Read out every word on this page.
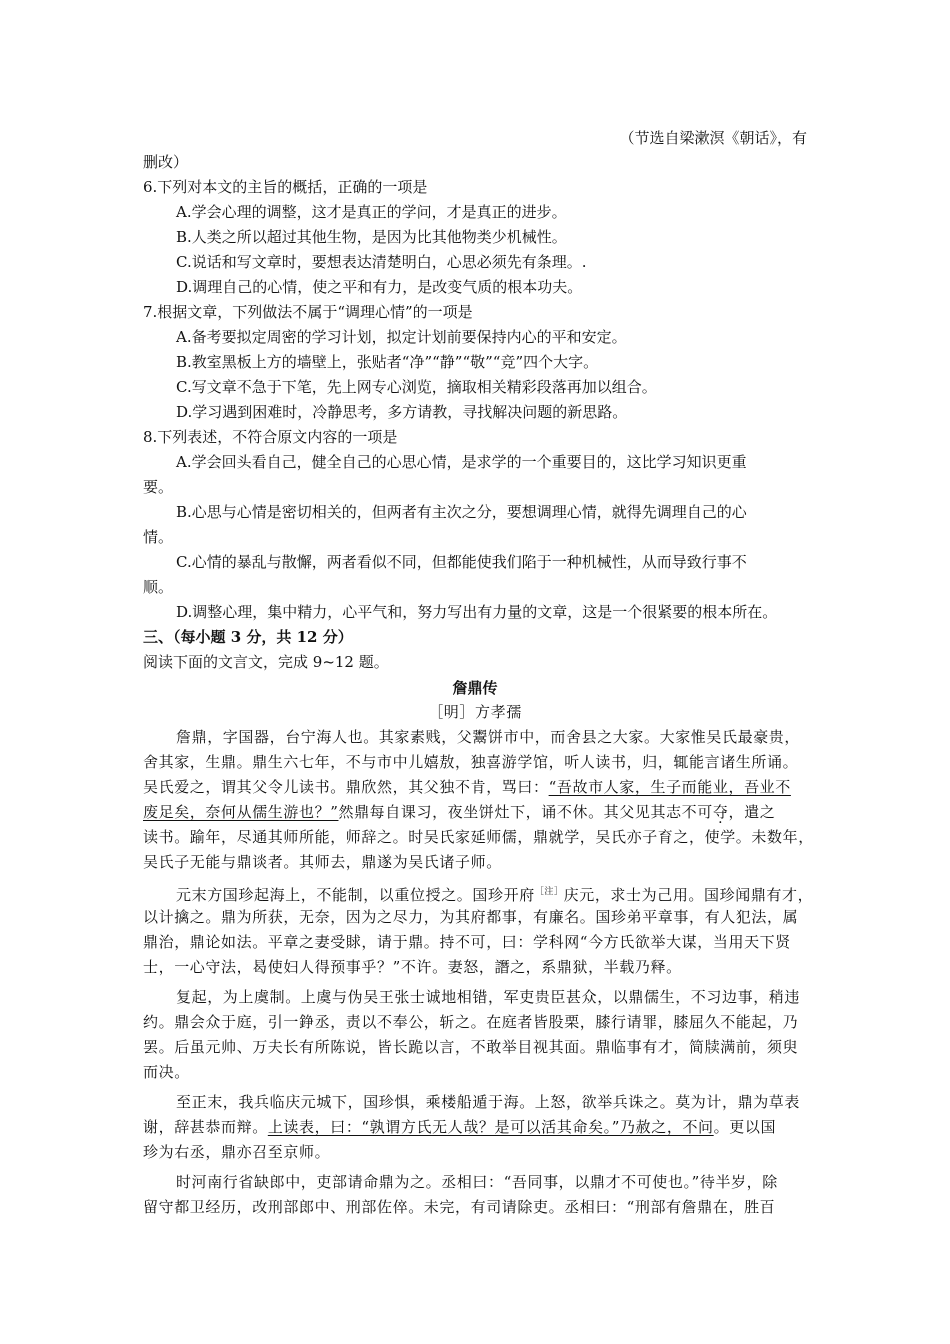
（节选自梁漱溟《朝话》，有
删改）
6.下列对本文的主旨的概括，正确的一项是
A.学会心理的调整，这才是真正的学问，才是真正的进步。
B.人类之所以超过其他生物，是因为比其他物类少机械性。
C.说话和写文章时，要想表达清楚明白，心思必须先有条理。.
D.调理自己的心情，使之平和有力，是改变气质的根本功夫。
7.根据文章，下列做法不属于“调理心情”的一项是
A.备考要拟定周密的学习计划，拟定计划前要保持内心的平和安定。
B.教室黑板上方的墙壁上，张贴者“净”“静”“敬”“竞”四个大字。
C.写文章不急于下笔，先上网专心浏览，摘取相关精彩段落再加以组合。
D.学习遇到困难时，冷静思考，多方请教，寻找解决问题的新思路。
8.下列表述，不符合原文内容的一项是
A.学会回头看自己，健全自己的心思心情，是求学的一个重要目的，这比学习知识更重
要。
B.心思与心情是密切相关的，但两者有主次之分，要想调理心情，就得先调理自己的心
情。
C.心情的暴乱与散懈，两者看似不同，但都能使我们陷于一种机械性，从而导致行事不
顺。
D.调整心理，集中精力，心平气和，努力写出有力量的文章，这是一个很紧要的根本所在。
三、（每小题 3 分，共 12 分）
阅读下面的文言文，完成 9~12 题。
詹鼎传
［明］方孝孺
詹鼎，字国器，台宁海人也。其家素贱，父鬻饼市中，而舍县之大家。大家惟吴氏最豪贵，
舍其家，生鼎。鼎生六七年，不与市中儿嬉敖，独喜游学馆，听人读书，归，辄能言诸生所诵。
吴氏爱之，谓其父令儿读书。鼎欣然，其父独不肯，骂曰：“吾故市人家，生子而能业，吾业不
废足矣，奈何从儒生游也？”然鼎每自课习，夜坐饼灶下，诵不休。其父见其志不可夺，遣之
读书。踰年，尽通其师所能，师辞之。时吴氏家延师儒，鼎就学，吴氏亦子育之，使学。未数年，
吴氏子无能与鼎谈者。其师去，鼎遂为吴氏诸子师。
元末方国珍起海上，不能制，以重位授之。国珍开府$^{[注]}$庆元，求士为己用。国珍闻鼎有才，
以计擒之。鼎为所获，无奈，因为之尽力，为其府都事，有廉名。国珍弟平章事，有人犯法，属
鼎治，鼎论如法。平章之妻受賕，请于鼎。持不可，曰：学科网“今方氏欲举大谋，当用天下贤
士，一心守法，曷使妇人得预事乎？”不许。妻怒，譖之，系鼎狱，半载乃释。
复起，为上虞制。上虞与伪吴王张士诚地相错，军吏贵臣甚众，以鼎儒生，不习边事，稍违
约。鼎会众于庭，引一錚丞，责以不奉公，斩之。在庭者皆股栗，膝行请罪，膝屈久不能起，乃
罢。后虽元帅、万夫长有所陈说，皆长跪以言，不敢举目视其面。鼎临事有才，简牍满前，须臾
而决。
至正末，我兵临庆元城下，国珍惧，乘楼船遁于海。上怒，欲举兵诛之。莫为计，鼎为草表
谢，辞甚恭而辩。上读表，曰：“孰谓方氏无人哉？是可以活其命矣。”乃赦之，不问。更以国
珍为右丞，鼎亦召至京师。
时河南行省缺郎中，吏部请命鼎为之。丞相曰：“吾同事，以鼎才不可使也。”待半岁，除
留守都卫经历，改刑部郎中、刑部佐倅。未完，有司请除吏。丞相曰：“刑部有詹鼎在，胜百
